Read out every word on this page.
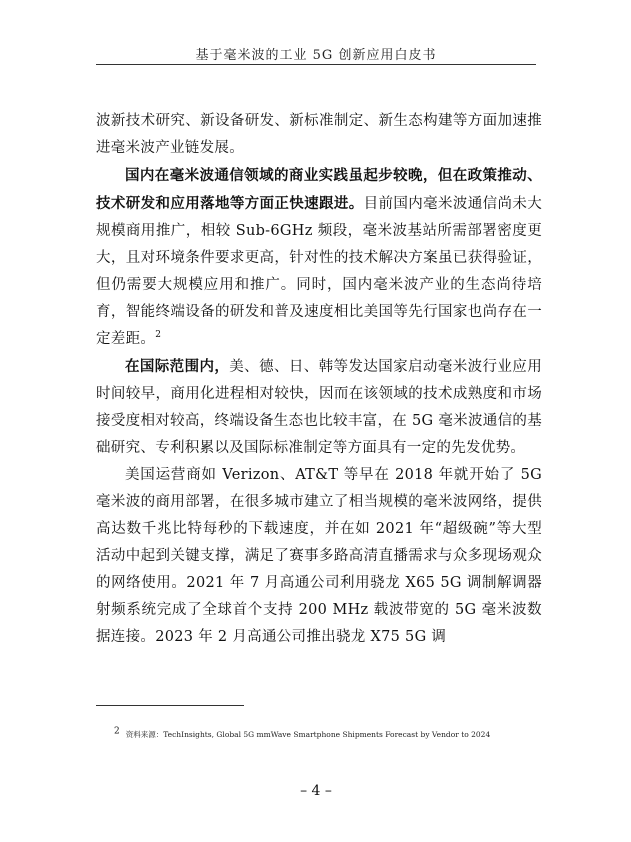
基于毫米波的工业 5G 创新应用白皮书

波新技术研究、新设备研发、新标准制定、新生态构建等方面加速推进毫米波产业链发展。

国内在毫米波通信领域的商业实践虽起步较晚，但在政策推动、技术研发和应用落地等方面正快速跟进。目前国内毫米波通信尚未大规模商用推广，相较 Sub-6GHz 频段，毫米波基站所需部署密度更大，且对环境条件要求更高，针对性的技术解决方案虽已获得验证，但仍需要大规模应用和推广。同时，国内毫米波产业的生态尚待培育，智能终端设备的研发和普及速度相比美国等先行国家也尚存在一定差距。$^2$

在国际范围内，美、德、日、韩等发达国家启动毫米波行业应用时间较早，商用化进程相对较快，因而在该领域的技术成熟度和市场接受度相对较高，终端设备生态也比较丰富，在 5G 毫米波通信的基础研究、专利积累以及国际标准制定等方面具有一定的先发优势。

美国运营商如 Verizon、AT&T 等早在 2018 年就开始了 5G 毫米波的商用部署，在很多城市建立了相当规模的毫米波网络，提供高达数千兆比特每秒的下载速度，并在如 2021 年“超级碗”等大型活动中起到关键支撑，满足了赛事多路高清直播需求与众多现场观众的网络使用。2021 年 7 月高通公司利用骁龙 X65 5G 调制解调器射频系统完成了全球首个支持 200 MHz 载波带宽的 5G 毫米波数据连接。2023 年 2 月高通公司推出骁龙 X75 5G 调

$^2$ 资料来源：TechInsights, Global 5G mmWave Smartphone Shipments Forecast by Vendor to 2024
– 4 –
